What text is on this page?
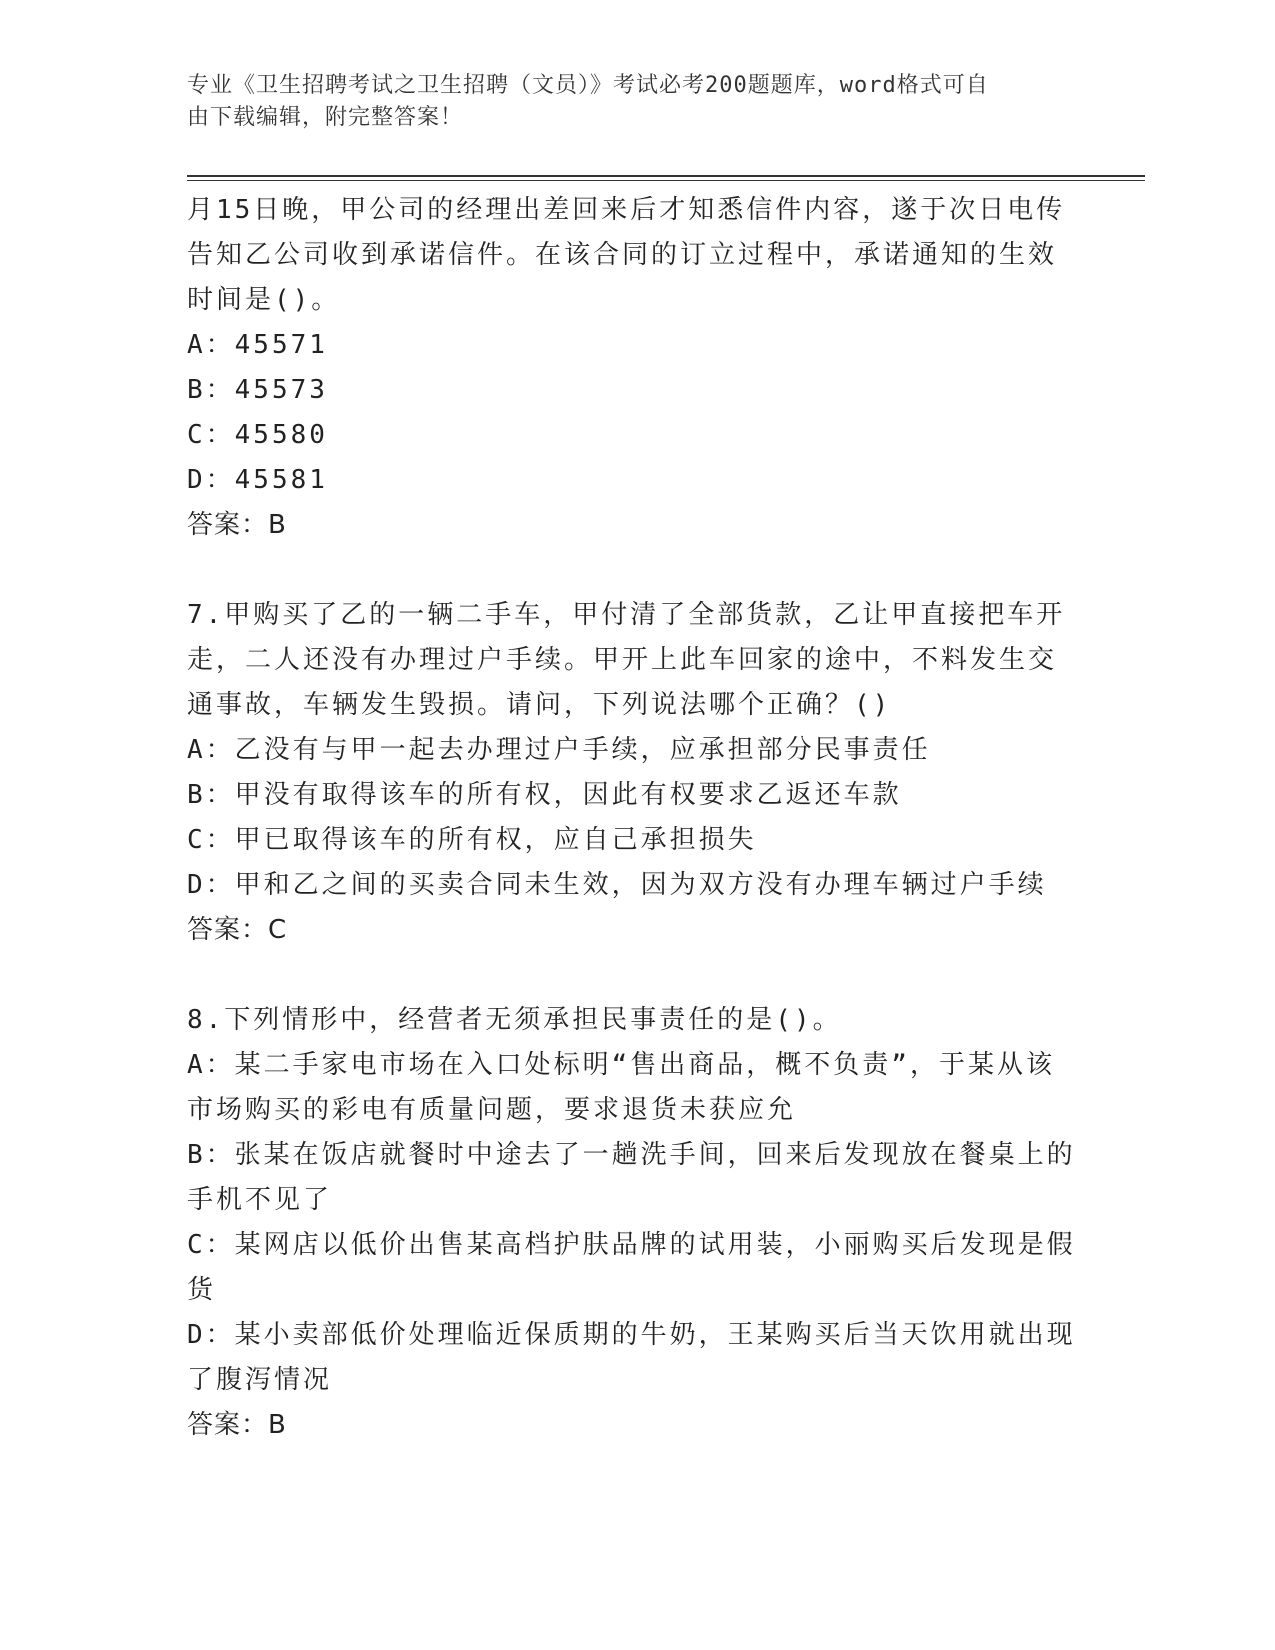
专业《卫生招聘考试之卫生招聘（文员）》考试必考200题题库，word格式可自
由下载编辑，附完整答案！
月15日晚，甲公司的经理出差回来后才知悉信件内容，遂于次日电传
告知乙公司收到承诺信件。在该合同的订立过程中，承诺通知的生效
时间是()。
A：45571
B：45573
C：45580
D：45581
答案：B
7.甲购买了乙的一辆二手车，甲付清了全部货款，乙让甲直接把车开
走，二人还没有办理过户手续。甲开上此车回家的途中，不料发生交
通事故，车辆发生毁损。请问，下列说法哪个正确？()
A：乙没有与甲一起去办理过户手续，应承担部分民事责任
B：甲没有取得该车的所有权，因此有权要求乙返还车款
C：甲已取得该车的所有权，应自己承担损失
D：甲和乙之间的买卖合同未生效，因为双方没有办理车辆过户手续
答案：C
8.下列情形中，经营者无须承担民事责任的是()。
A：某二手家电市场在入口处标明“售出商品，概不负责”，于某从该
市场购买的彩电有质量问题，要求退货未获应允
B：张某在饭店就餐时中途去了一趟洗手间，回来后发现放在餐桌上的
手机不见了
C：某网店以低价出售某高档护肤品牌的试用装，小丽购买后发现是假
货
D：某小卖部低价处理临近保质期的牛奶，王某购买后当天饮用就出现
了腹泻情况
答案：B
